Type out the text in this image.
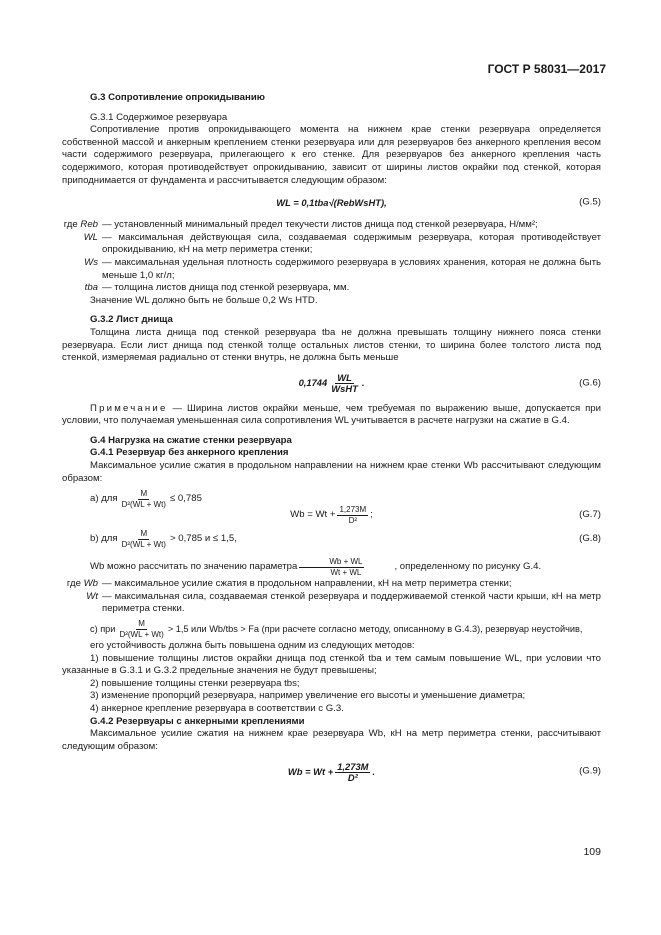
ГОСТ Р 58031—2017

G.3 Сопротивление опрокидыванию

G.3.1 Содержимое резервуара

Сопротивление против опрокидывающего момента на нижнем крае стенки резервуара определяется собственной массой и анкерным креплением стенки резервуара или для резервуаров без анкерного крепления весом части содержимого резервуара, прилегающего к его стенке. Для резервуаров без анкерного крепления часть содержимого, которая противодействует опрокидыванию, зависит от ширины листов окрайки под стенкой, которая приподнимается от фундамента и рассчитывается следующим образом:

WL = 0,1tba√(RebWsHT),	(G.5)
где Reb — установленный минимальный предел текучести листов днища под стенкой резервуара, Н/мм²;
WL — максимальная действующая сила, создаваемая содержимым резервуара, которая противодействует опрокидыванию, кН на метр периметра стенки;
Ws — максимальная удельная плотность содержимого резервуара в условиях хранения, которая не должна быть меньше 1,0 кг/л;
tba — толщина листов днища под стенкой резервуара, мм.

Значение WL должно быть не больше 0,2 Ws HTD.

G.3.2 Лист днища

Толщина листа днища под стенкой резервуара tba не должна превышать толщину нижнего пояса стенки резервуара. Если лист днища под стенкой толще остальных листов стенки, то ширина более толстого листа под стенкой, измеряемая радиально от стенки внутрь, не должна быть меньше

$0,1744 \frac{WL}{\text{WsHT}}$ .	(G.6)

Примечание — Ширина листов окрайки меньше, чем требуемая по выражению выше, допускается при условии, что получаемая уменьшенная сила сопротивления WL учитывается в расчете нагрузки на сжатие в G.4.

G.4 Нагрузка на сжатие стенки резервуара

G.4.1 Резервуар без анкерного крепления

Максимальное усилие сжатия в продольном направлении на нижнем крае стенки Wb рассчитывают следующим образом:

а) для $\frac{M}{\text{D²(WL + Wt)}} \le 0,785$
$Wb = Wt + \frac{1,273M}{\text{D²}}$ ;	(G.7)
b) для $\frac{M}{\text{D²(WL + Wt)}} > 0,785$ и ≤ 1,5,	(G.8)

Wb можно рассчитать по значению параметра $\frac{Wb + WL}{Wt + WL}$	, определенному по рисунку G.4.

где Wb — максимальное усилие сжатия в продольном направлении, кН на метр периметра стенки;
Wt — максимальная сила, создаваемая стенкой резервуара и поддерживаемой стенкой части крыши, кН на метр периметра стенки.

с) при $\frac{M}{\text{D²(WL + Wt)}} > 1,5$ или Wb/tbs > Fa (при расчете согласно методу, описанному в G.4.3), резервуар неустойчив,

его устойчивость должна быть повышена одним из следующих методов:

1) повышение толщины листов окрайки днища под стенкой tba и тем самым повышение WL, при условии что указанные в G.3.1 и G.3.2 предельные значения не будут превышены;

2) повышение толщины стенки резервуара tbs;

3) изменение пропорций резервуара, например увеличение его высоты и уменьшение диаметра;

4) анкерное крепление резервуара в соответствии с G.3.

G.4.2 Резервуары с анкерными креплениями

Максимальное усилие сжатия на нижнем крае резервуара Wb, кН на метр периметра стенки, рассчитывают следующим образом:

$Wb = Wt + \frac{1,273M}{\text{D²}}$ .	(G.9)
109
